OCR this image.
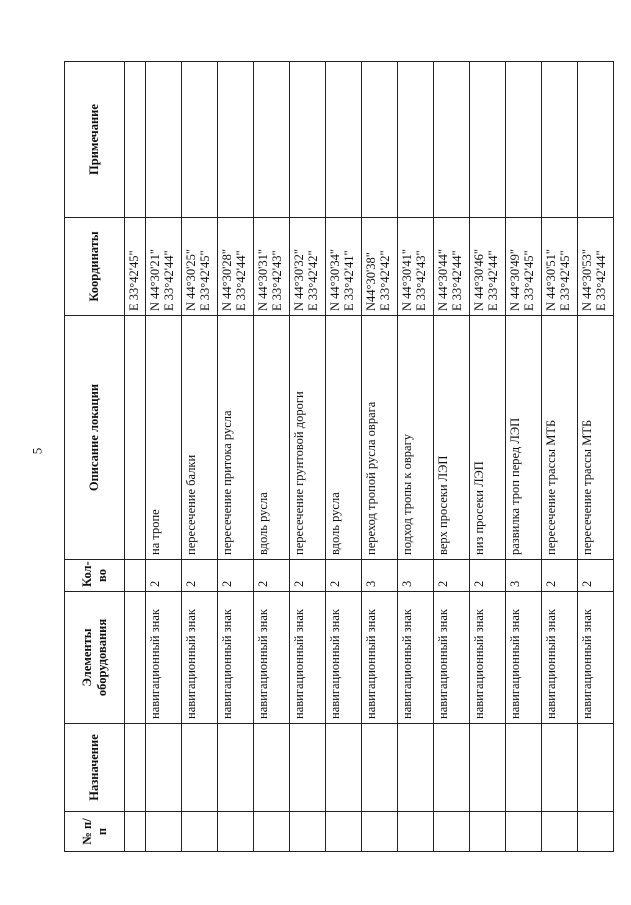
5
№ п/п	Назначение	Элементы оборудования	Кол-во	Описание локации	Координаты	Примечание

					E 33°42'45"	

		навигационный знак	2	на тропе	N 44°30'21" E 33°42'44"	

		навигационный знак	2	пересечение балки	N 44°30'25" E 33°42'45"	

		навигационный знак	2	пересечение притока русла	N 44°30'28" E 33°42'44"	

		навигационный знак	2	вдоль русла	N 44°30'31" E 33°42'43"	

		навигационный знак	2	пересечение грунтовой дороги	N 44°30'32" E 33°42'42"	

		навигационный знак	2	вдоль русла	N 44°30'34" E 33°42'41"	

		навигационный знак	3	переход тропой русла оврага	N44°30'38" E 33°42'42"	

		навигационный знак	3	подход тропы к оврагу	N 44°30'41" E 33°42'43"	

		навигационный знак	2	верх просеки ЛЭП	N 44°30'44" E 33°42'44"	

		навигационный знак	2	низ просеки ЛЭП	N 44°30'46" E 33°42'44"	

		навигационный знак	3	развилка троп перед ЛЭП	N 44°30'49" E 33°42'45"	

		навигационный знак	2	пересечение трассы МТБ	N 44°30'51" E 33°42'45"	

		навигационный знак	2	пересечение трассы МТБ	N 44°30'53" E 33°42'44"	
